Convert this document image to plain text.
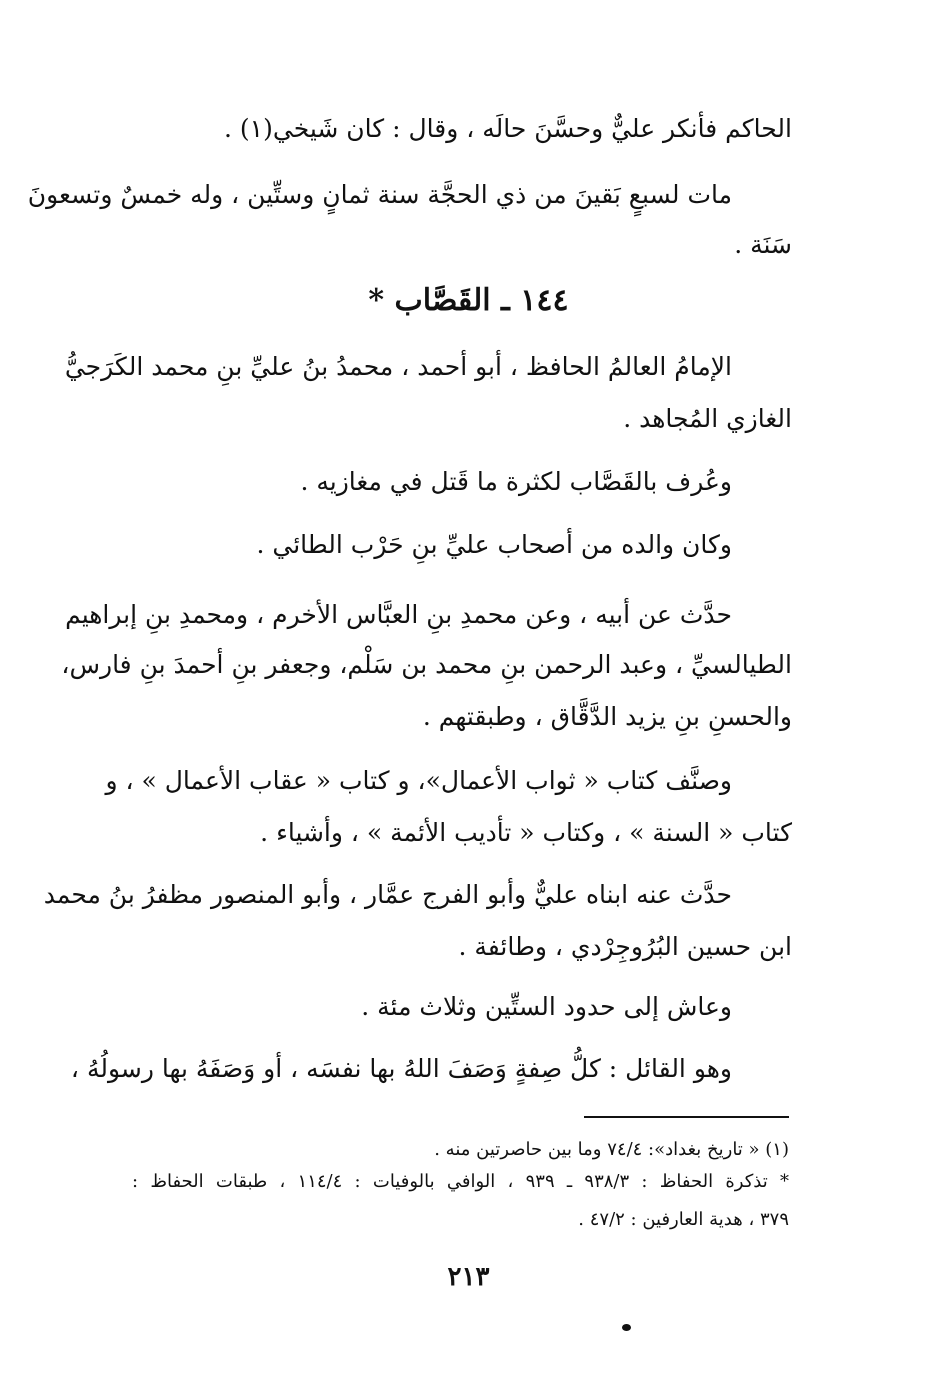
الحاكم فأنكر عليٌّ وحسَّنَ حالَه ، وقال : كان شَيخي(١) .
مات لسبعٍ بَقينَ من ذي الحجَّة سنة ثمانٍ وستِّين ، وله خمسٌ وتسعونَ
سَنَة .
١٤٤ ـ القَصَّاب *
الإمامُ العالمُ الحافظ ، أبو أحمد ، محمدُ بنُ عليِّ بنِ محمد الكَرَجيُّ
الغازي المُجاهد .
وعُرف بالقَصَّاب لكثرة ما قَتل في مغازيه .
وكان والده من أصحاب عليِّ بنِ حَرْب الطائي .
حدَّث عن أبيه ، وعن محمدِ بنِ العبَّاس الأخرم ، ومحمدِ بنِ إبراهيم
الطيالسيِّ ، وعبد الرحمن بنِ محمد بن سَلْم، وجعفر بنِ أحمدَ بنِ فارس،
والحسنِ بنِ يزيد الدَّقَّاق ، وطبقتهم .
وصنَّف كتاب « ثواب الأعمال»، و كتاب « عقاب الأعمال » ، و
كتاب « السنة » ، وكتاب « تأديب الأئمة » ، وأشياء .
حدَّث عنه ابناه عليٌّ وأبو الفرج عمَّار ، وأبو المنصور مظفرُ بنُ محمد
ابن حسين البُرُوجِرْدي ، وطائفة .
وعاش إلى حدود الستِّين وثلاث مئة .
وهو القائل : كلُّ صِفةٍ وَصَفَ اللهُ بها نفسَه ، أو وَصَفَهُ بها رسولُهُ ،
(١) « تاريخ بغداد»: ٧٤/٤ وما بين حاصرتين منه .
* تذكرة الحفاظ : ٩٣٨/٣ ـ ٩٣٩ ، الوافي بالوفيات : ١١٤/٤ ، طبقات الحفاظ :
٣٧٩ ، هدية العارفين : ٤٧/٢ .
٢١٣
